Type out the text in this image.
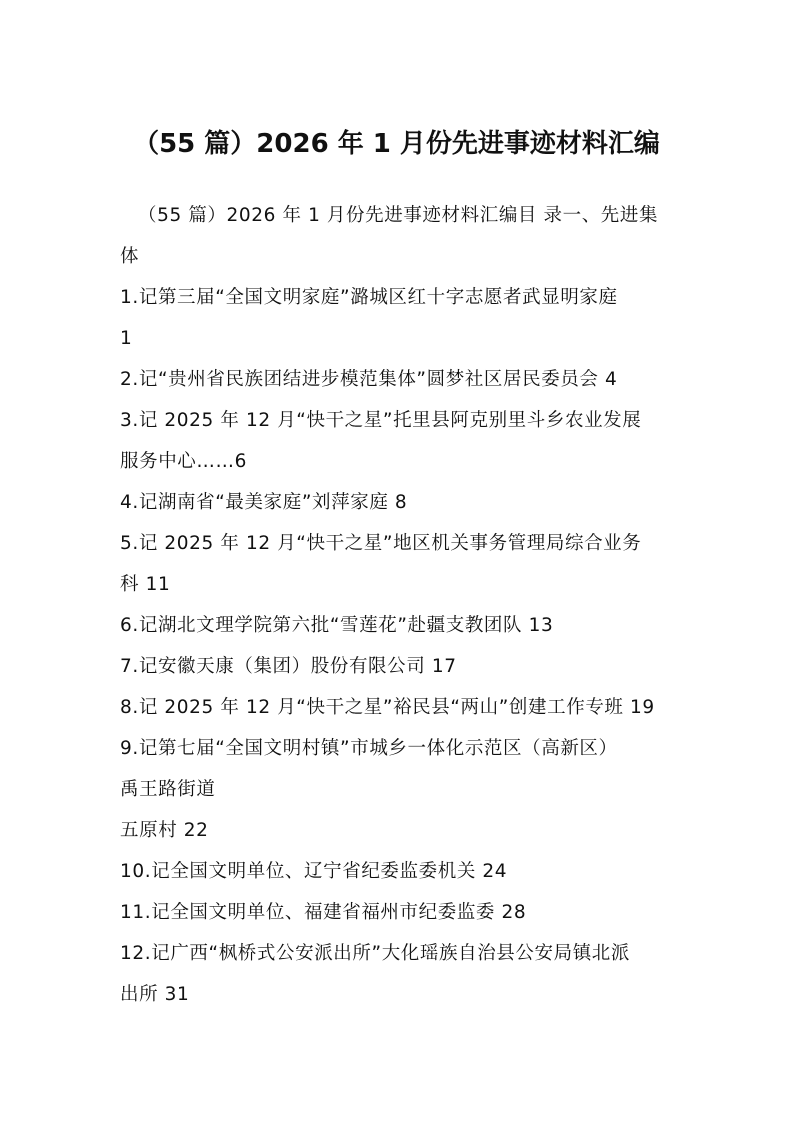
（55 篇）2026 年 1 月份先进事迹材料汇编
（55 篇）2026 年 1 月份先进事迹材料汇编目 录一、先进集
体
1.记第三届“全国文明家庭”潞城区红十字志愿者武显明家庭
1
2.记“贵州省民族团结进步模范集体”圆梦社区居民委员会 4
3.记 2025 年 12 月“快干之星”托里县阿克别里斗乡农业发展
服务中心……6
4.记湖南省“最美家庭”刘萍家庭 8
5.记 2025 年 12 月“快干之星”地区机关事务管理局综合业务
科 11
6.记湖北文理学院第六批“雪莲花”赴疆支教团队 13
7.记安徽天康（集团）股份有限公司 17
8.记 2025 年 12 月“快干之星”裕民县“两山”创建工作专班 19
9.记第七届“全国文明村镇”市城乡一体化示范区（高新区）
禹王路街道
五原村 22
10.记全国文明单位、辽宁省纪委监委机关 24
11.记全国文明单位、福建省福州市纪委监委 28
12.记广西“枫桥式公安派出所”大化瑶族自治县公安局镇北派
出所 31
